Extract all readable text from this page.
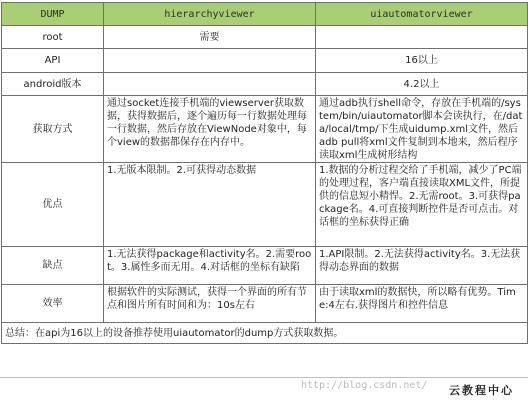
DUMP	hierarchyviewer	uiautomatorviewer
root	需要	
API		16以上
android版本		4.2以上
获取方式	通过socket连接手机端的viewserver获取数据，获得数据后，逐个遍历每一行数据处理每一行数据，然后存放在ViewNode对象中，每个view的数据都保存在内存中。	通过adb执行shell命令，存放在手机端的/system/bin/uiautomator脚本会读执行，在/data/local/tmp/下生成uidump.xml文件，然后adb pull将xml文件复制到本地来，然后程序读取xml生成树形结构
优点	1.无版本限制。2.可获得动态数据	1.数据的分析过程交给了手机端，减少了PC端的处理过程，客户端直接读取XML文件，所提供的信息短小精悍。2.无需root。3.可获得package名。4.可直接判断控件是否可点击。对话框的坐标获得正确
缺点	1.无法获得package和activity名。2.需要root。3.属性多而无用。4.对话框的坐标有缺陷	1.API限制。2.无法获得activity名。3.无法获得动态界面的数据
效率	根据软件的实际测试，获得一个界面的所有节点和图片所有时间和为：10s左右	由于读取xml的数据快，所以略有优势。Time:4左右.获得图片和控件信息
总结：在api为16以上的设备推荐使用uiautomator的dump方式获取数据。		
http://blog.csdn.net/ 云教程中心
